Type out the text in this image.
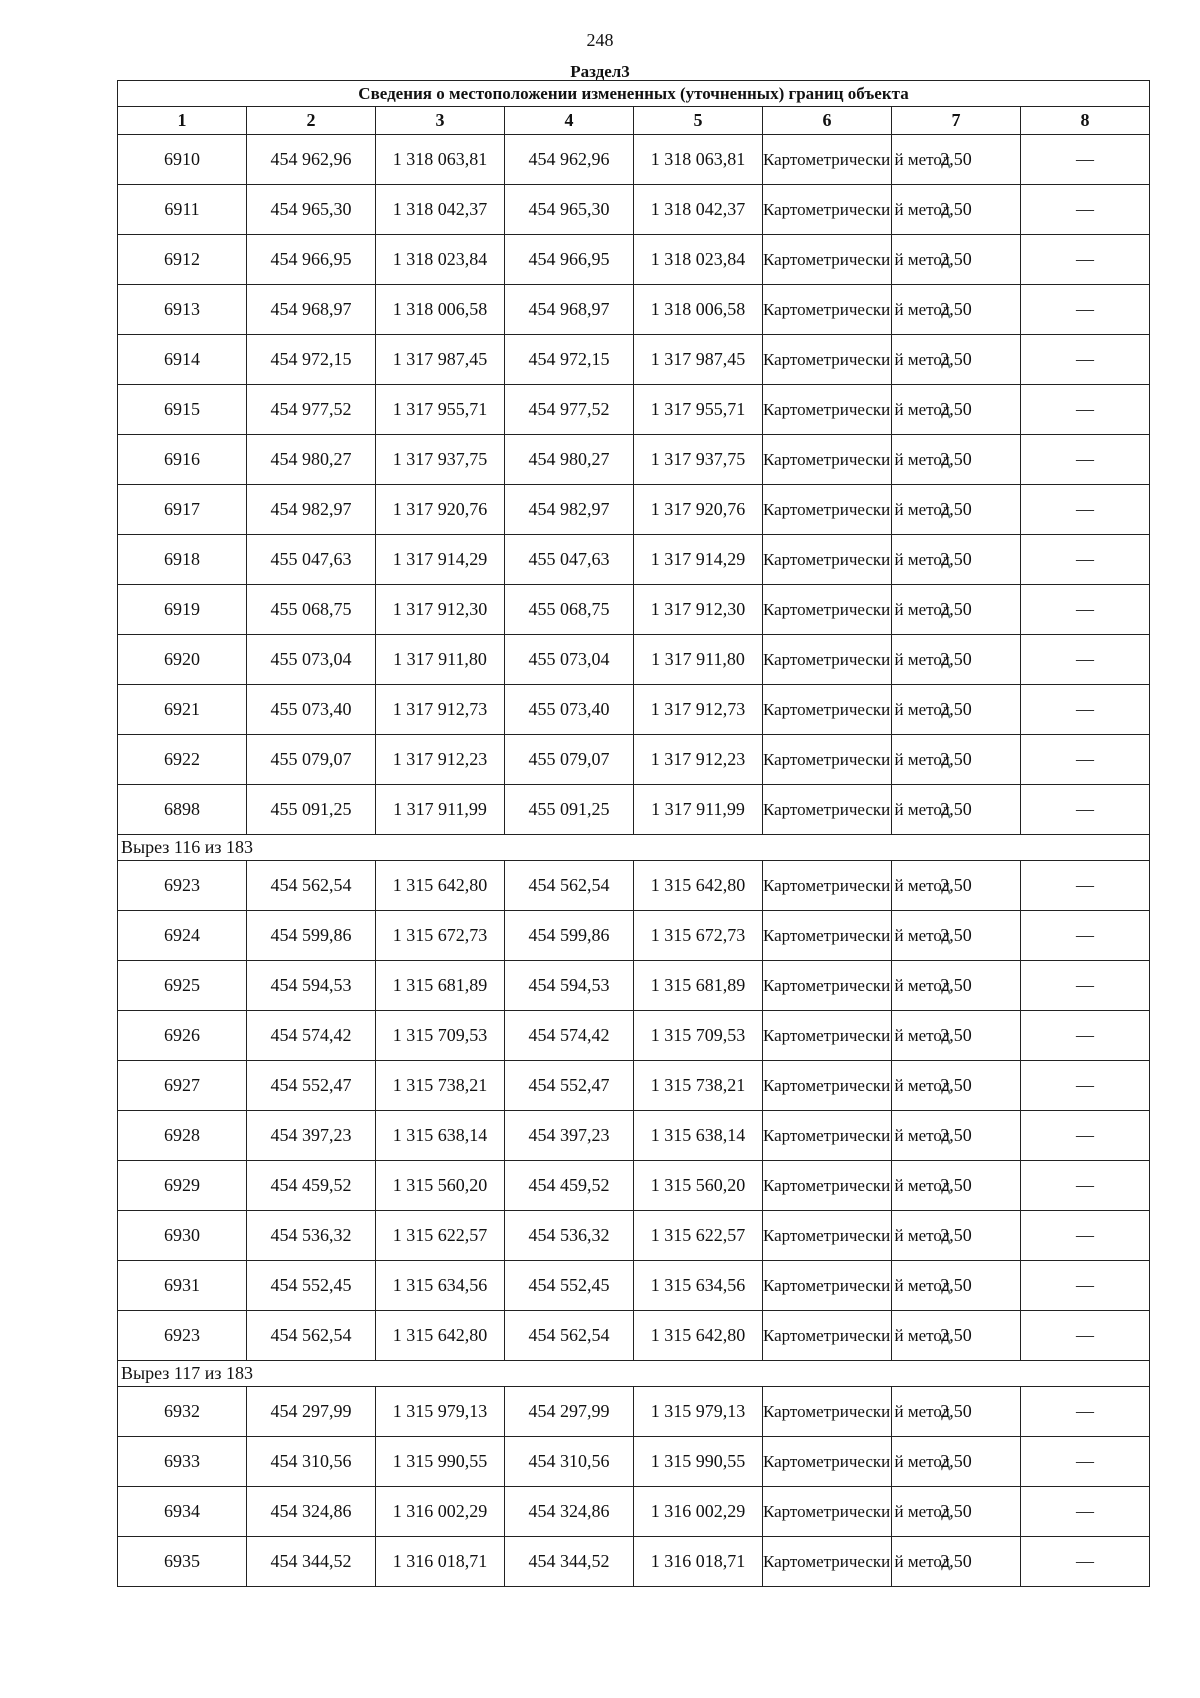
248
Раздел3
Сведения о местоположении измененных (уточненных) границ объекта							
1	2	3	4	5	6	7	8
6910	454 962,96	1 318 063,81	454 962,96	1 318 063,81	Картометрически й метод	2,50	—
6911	454 965,30	1 318 042,37	454 965,30	1 318 042,37	Картометрически й метод	2,50	—
6912	454 966,95	1 318 023,84	454 966,95	1 318 023,84	Картометрически й метод	2,50	—
6913	454 968,97	1 318 006,58	454 968,97	1 318 006,58	Картометрически й метод	2,50	—
6914	454 972,15	1 317 987,45	454 972,15	1 317 987,45	Картометрически й метод	2,50	—
6915	454 977,52	1 317 955,71	454 977,52	1 317 955,71	Картометрически й метод	2,50	—
6916	454 980,27	1 317 937,75	454 980,27	1 317 937,75	Картометрически й метод	2,50	—
6917	454 982,97	1 317 920,76	454 982,97	1 317 920,76	Картометрически й метод	2,50	—
6918	455 047,63	1 317 914,29	455 047,63	1 317 914,29	Картометрически й метод	2,50	—
6919	455 068,75	1 317 912,30	455 068,75	1 317 912,30	Картометрически й метод	2,50	—
6920	455 073,04	1 317 911,80	455 073,04	1 317 911,80	Картометрически й метод	2,50	—
6921	455 073,40	1 317 912,73	455 073,40	1 317 912,73	Картометрически й метод	2,50	—
6922	455 079,07	1 317 912,23	455 079,07	1 317 912,23	Картометрически й метод	2,50	—
6898	455 091,25	1 317 911,99	455 091,25	1 317 911,99	Картометрически й метод	2,50	—
Вырез 116 из 183							
6923	454 562,54	1 315 642,80	454 562,54	1 315 642,80	Картометрически й метод	2,50	—
6924	454 599,86	1 315 672,73	454 599,86	1 315 672,73	Картометрически й метод	2,50	—
6925	454 594,53	1 315 681,89	454 594,53	1 315 681,89	Картометрически й метод	2,50	—
6926	454 574,42	1 315 709,53	454 574,42	1 315 709,53	Картометрически й метод	2,50	—
6927	454 552,47	1 315 738,21	454 552,47	1 315 738,21	Картометрически й метод	2,50	—
6928	454 397,23	1 315 638,14	454 397,23	1 315 638,14	Картометрически й метод	2,50	—
6929	454 459,52	1 315 560,20	454 459,52	1 315 560,20	Картометрически й метод	2,50	—
6930	454 536,32	1 315 622,57	454 536,32	1 315 622,57	Картометрически й метод	2,50	—
6931	454 552,45	1 315 634,56	454 552,45	1 315 634,56	Картометрически й метод	2,50	—
6923	454 562,54	1 315 642,80	454 562,54	1 315 642,80	Картометрически й метод	2,50	—
Вырез 117 из 183							
6932	454 297,99	1 315 979,13	454 297,99	1 315 979,13	Картометрически й метод	2,50	—
6933	454 310,56	1 315 990,55	454 310,56	1 315 990,55	Картометрически й метод	2,50	—
6934	454 324,86	1 316 002,29	454 324,86	1 316 002,29	Картометрически й метод	2,50	—
6935	454 344,52	1 316 018,71	454 344,52	1 316 018,71	Картометрически й метод	2,50	—
